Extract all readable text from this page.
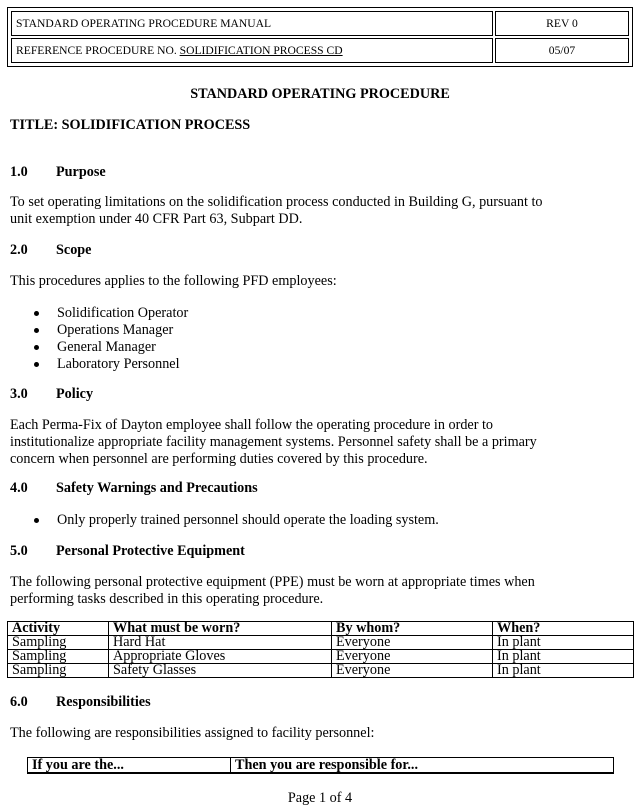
STANDARD OPERATING PROCEDURE MANUAL	REV 0
REFERENCE PROCEDURE NO. SOLIDIFICATION PROCESS CD	05/07
STANDARD OPERATING PROCEDURE
TITLE: SOLIDIFICATION PROCESS
1.0 Purpose
To set operating limitations on the solidification process conducted in Building G, pursuant to
unit exemption under 40 CFR Part 63, Subpart DD.
2.0 Scope
This procedures applies to the following PFD employees:
Solidification Operator
Operations Manager
General Manager
Laboratory Personnel
3.0 Policy
Each Perma-Fix of Dayton employee shall follow the operating procedure in order to
institutionalize appropriate facility management systems. Personnel safety shall be a primary
concern when personnel are performing duties covered by this procedure.
4.0 Safety Warnings and Precautions
Only properly trained personnel should operate the loading system.
5.0 Personal Protective Equipment
The following personal protective equipment (PPE) must be worn at appropriate times when
performing tasks described in this operating procedure.
Activity	What must be worn?	By whom?	When?
Sampling	Hard Hat	Everyone	In plant
Sampling	Appropriate Gloves	Everyone	In plant
Sampling	Safety Glasses	Everyone	In plant
6.0 Responsibilities
The following are responsibilities assigned to facility personnel:
If you are the...	Then you are responsible for...
Page 1 of 4
